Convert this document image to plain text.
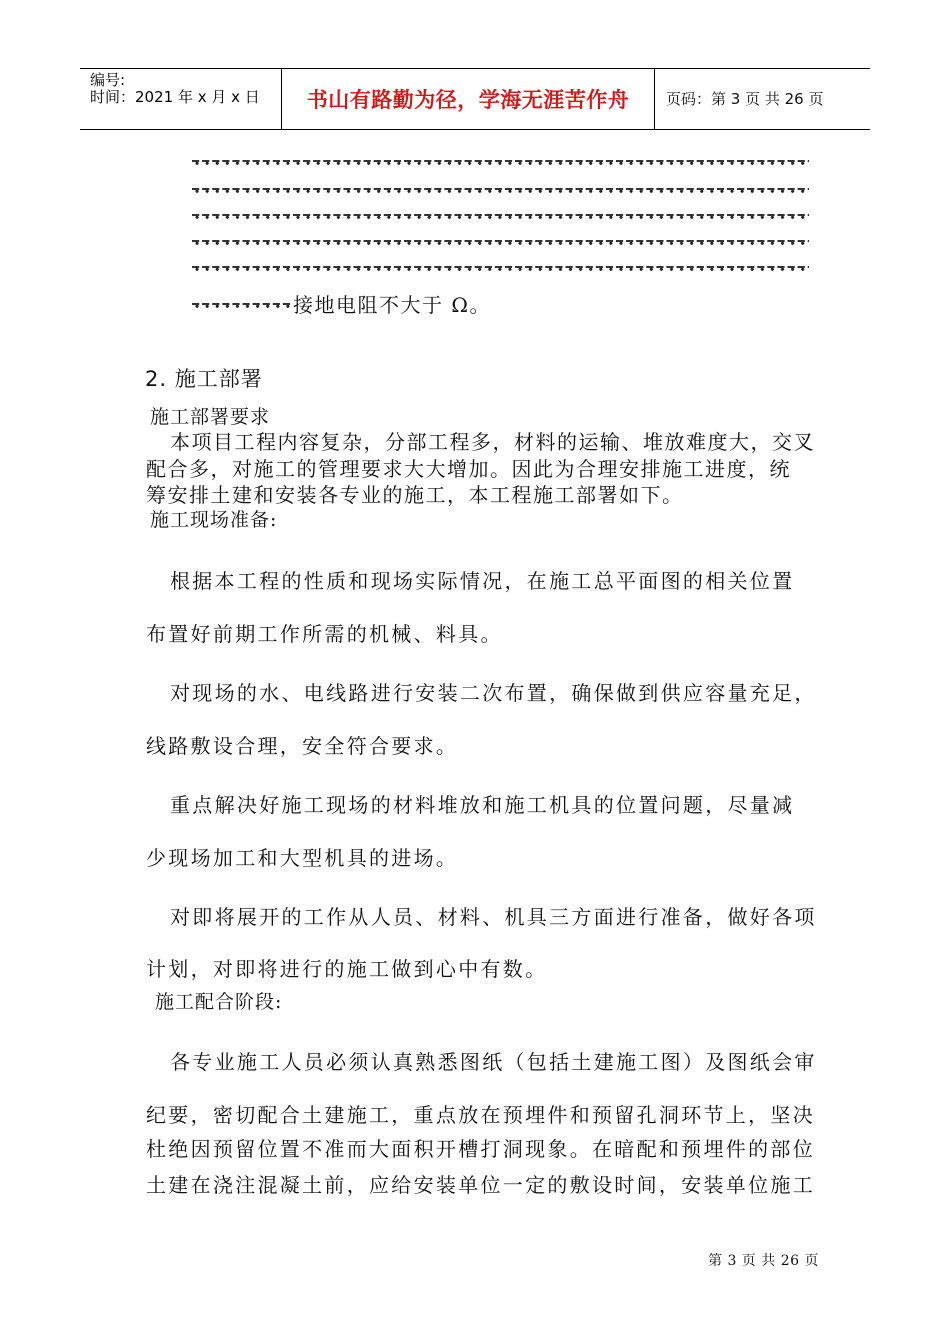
编号:
时间：2021 年 x 月 x 日	书山有路勤为径，学海无涯苦作舟	页码：第 3 页 共 26 页
接地电阻不大于 Ω。
2. 施工部署
施工部署要求
本项目工程内容复杂，分部工程多，材料的运输、堆放难度大，交叉
配合多，对施工的管理要求大大增加。因此为合理安排施工进度，统
筹安排土建和安装各专业的施工，本工程施工部署如下。
施工现场准备:
根据本工程的性质和现场实际情况，在施工总平面图的相关位置
布置好前期工作所需的机械、料具。
对现场的水、电线路进行安装二次布置，确保做到供应容量充足，
线路敷设合理，安全符合要求。
重点解决好施工现场的材料堆放和施工机具的位置问题，尽量减
少现场加工和大型机具的进场。
对即将展开的工作从人员、材料、机具三方面进行准备，做好各项
计划，对即将进行的施工做到心中有数。
施工配合阶段:
各专业施工人员必须认真熟悉图纸（包括土建施工图）及图纸会审
纪要，密切配合土建施工，重点放在预埋件和预留孔洞环节上，坚决
杜绝因预留位置不准而大面积开槽打洞现象。在暗配和预埋件的部位
土建在浇注混凝土前，应给安装单位一定的敷设时间，安装单位施工
第 3 页 共 26 页
